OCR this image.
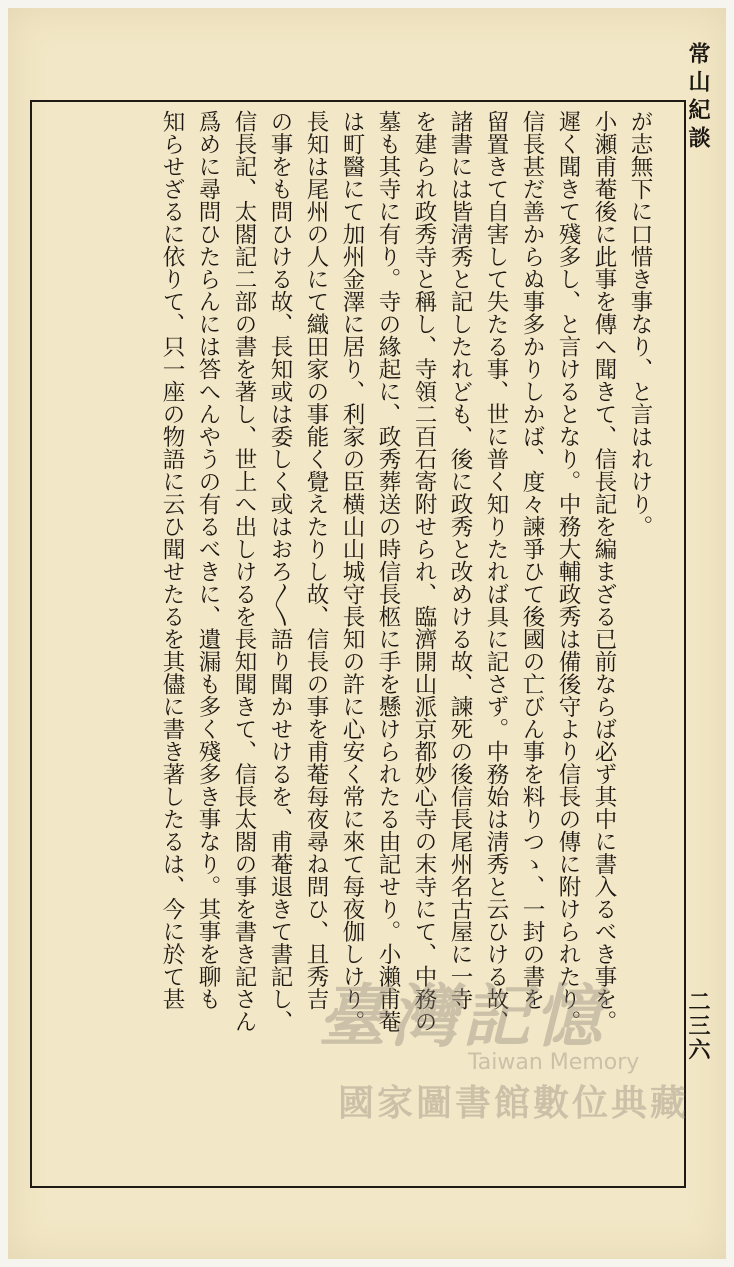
常山紀談
二三六
が志無下に口惜き事なり、と言はれけり。
小瀬甫菴後に此事を傳へ聞きて、信長記を編まざる已前ならば必ず其中に書入るべき事を。
遲く聞きて殘多し、と言けるとなり。中務大輔政秀は備後守より信長の傳に附けられたり。
信長甚だ善からぬ事多かりしかば、度々諫爭ひて後國の亡びん事を料りつゝ、一封の書を
留置きて自害して失たる事、世に普く知りたれば具に記さず。中務始は淸秀と云ひける故、
諸書には皆淸秀と記したれども、後に政秀と改めける故、諫死の後信長尾州名古屋に一寺
を建られ政秀寺と稱し、寺領二百石寄附せられ、臨濟開山派京都妙心寺の末寺にて、中務の
墓も其寺に有り。寺の緣起に、政秀葬送の時信長柩に手を懸けられたる由記せり。小瀨甫菴
は町醫にて加州金澤に居り、利家の臣横山山城守長知の許に心安く常に來て每夜伽しけり。
長知は尾州の人にて織田家の事能く覺えたりし故、信長の事を甫菴每夜尋ね問ひ、且秀吉
の事をも問ひける故、長知或は委しく或はおろ〳〵語り聞かせけるを、甫菴退きて書記し、
信長記、太閤記二部の書を著し、世上へ出しけるを長知聞きて、信長太閤の事を書き記さん
爲めに尋問ひたらんには答へんやうの有るべきに、遺漏も多く殘多き事なり。其事を聊も
知らせざるに依りて、只一座の物語に云ひ聞せたるを其儘に書き著したるは、今に於て甚
臺灣記憶
Taiwan Memory
國家圖書館數位典藏
